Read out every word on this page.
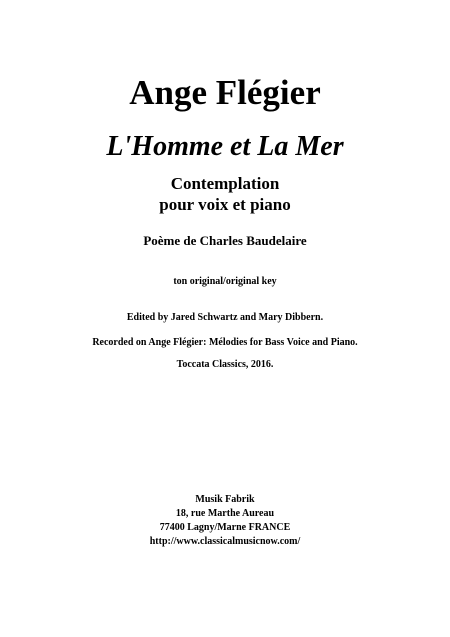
Ange Flégier
L'Homme et La Mer
Contemplation
pour voix et piano
Poème de Charles Baudelaire
ton original/original key
Edited by Jared Schwartz and Mary Dibbern.
Recorded on Ange Flégier: Mélodies for Bass Voice and Piano.
Toccata Classics, 2016.
Musik Fabrik
18, rue Marthe Aureau
77400 Lagny/Marne FRANCE
http://www.classicalmusicnow.com/
